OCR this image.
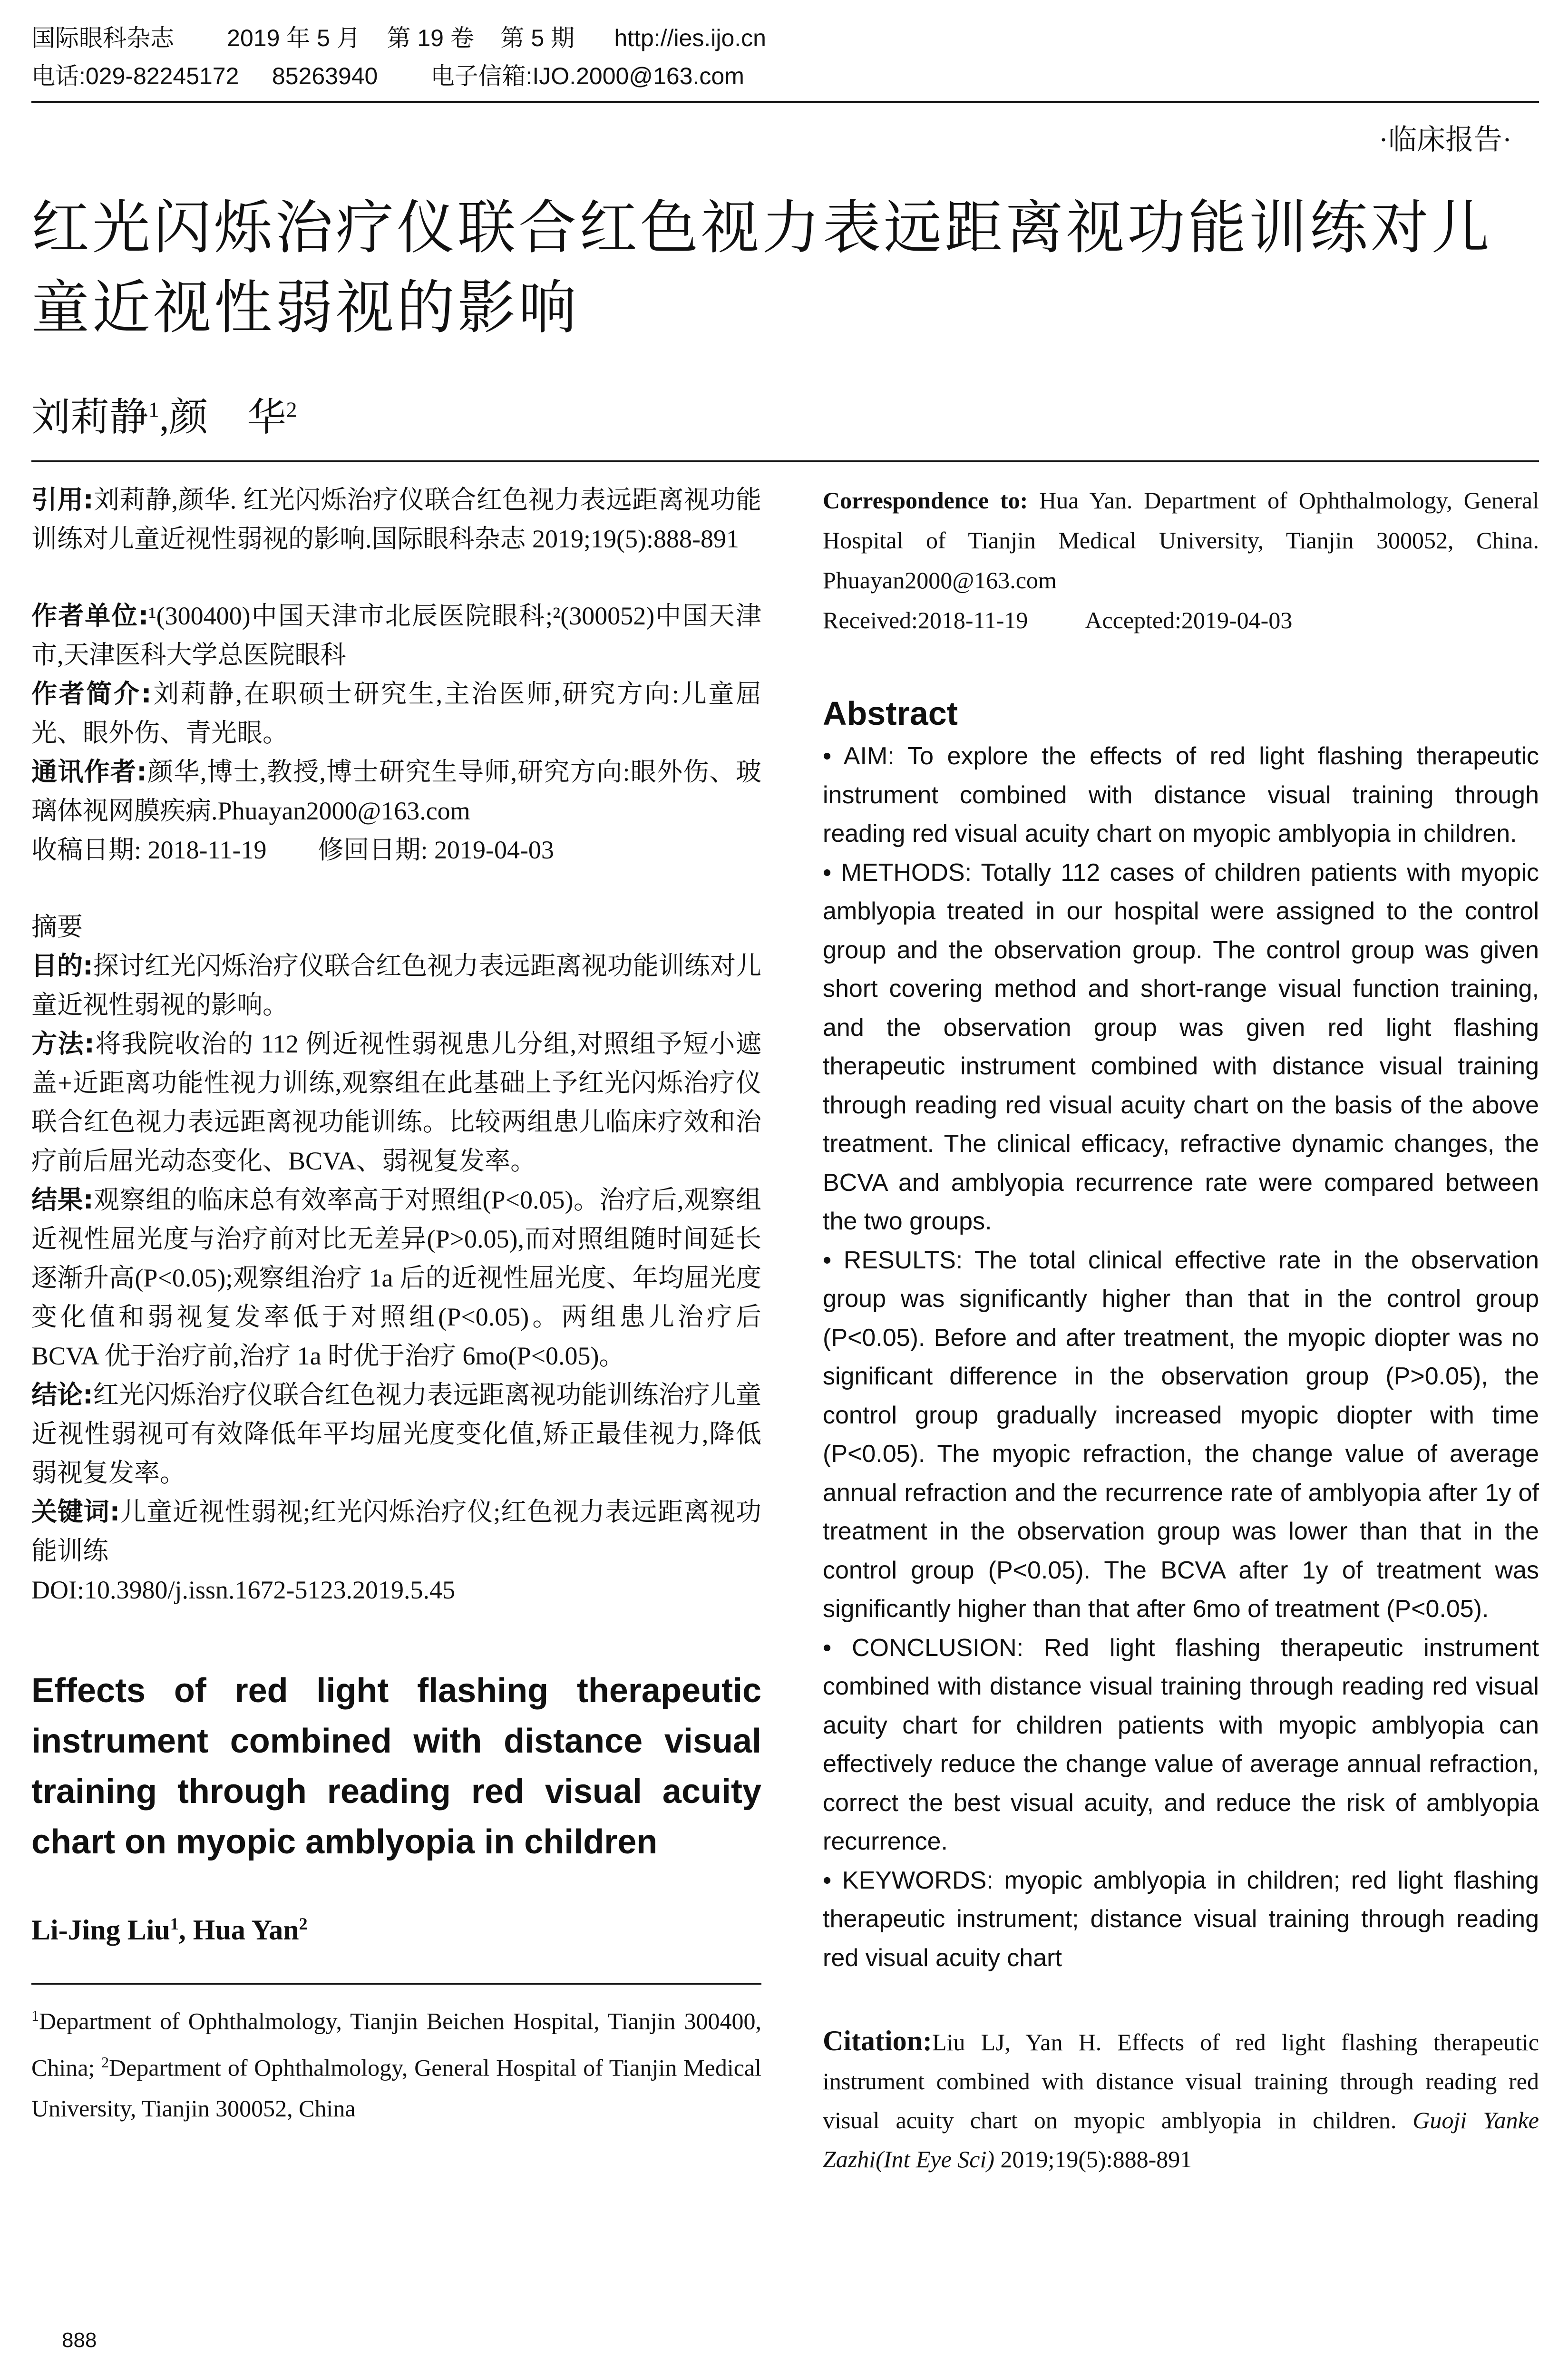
国际眼科杂志 2019 年 5 月 第 19 卷 第 5 期 http://ies.ijo.cn
电话:029-82245172 85263940 电子信箱:IJO.2000@163.com
·临床报告·
红光闪烁治疗仪联合红色视力表远距离视功能训练对儿童近视性弱视的影响
刘莉静$^1$,颜　华$^2$
引用:刘莉静,颜华. 红光闪烁治疗仪联合红色视力表远距离视功能训练对儿童近视性弱视的影响.国际眼科杂志 2019;19(5):888-891
作者单位:¹(300400)中国天津市北辰医院眼科;²(300052)中国天津市,天津医科大学总医院眼科
作者简介:刘莉静,在职硕士研究生,主治医师,研究方向:儿童屈光、眼外伤、青光眼。
通讯作者:颜华,博士,教授,博士研究生导师,研究方向:眼外伤、玻璃体视网膜疾病.Phuayan2000@163.com
收稿日期: 2018-11-19　　修回日期: 2019-04-03
摘要
目的:探讨红光闪烁治疗仪联合红色视力表远距离视功能训练对儿童近视性弱视的影响。
方法:将我院收治的 112 例近视性弱视患儿分组,对照组予短小遮盖+近距离功能性视力训练,观察组在此基础上予红光闪烁治疗仪联合红色视力表远距离视功能训练。比较两组患儿临床疗效和治疗前后屈光动态变化、BCVA、弱视复发率。
结果:观察组的临床总有效率高于对照组(P<0.05)。治疗后,观察组近视性屈光度与治疗前对比无差异(P>0.05),而对照组随时间延长逐渐升高(P<0.05);观察组治疗 1a 后的近视性屈光度、年均屈光度变化值和弱视复发率低于对照组(P<0.05)。两组患儿治疗后 BCVA 优于治疗前,治疗 1a 时优于治疗 6mo(P<0.05)。
结论:红光闪烁治疗仪联合红色视力表远距离视功能训练治疗儿童近视性弱视可有效降低年平均屈光度变化值,矫正最佳视力,降低弱视复发率。
关键词:儿童近视性弱视;红光闪烁治疗仪;红色视力表远距离视功能训练
DOI:10.3980/j.issn.1672-5123.2019.5.45
Effects of red light flashing therapeutic instrument combined with distance visual training through reading red visual acuity chart on myopic amblyopia in children
Li-Jing Liu$^1$, Hua Yan$^2$
$^1$Department of Ophthalmology, Tianjin Beichen Hospital, Tianjin 300400, China; $^2$Department of Ophthalmology, General Hospital of Tianjin Medical University, Tianjin 300052, China
Correspondence to: Hua Yan. Department of Ophthalmology, General Hospital of Tianjin Medical University, Tianjin 300052, China. Phuayan2000@163.com
Received:2018-11-19 Accepted:2019-04-03
Abstract
• AIM: To explore the effects of red light flashing therapeutic instrument combined with distance visual training through reading red visual acuity chart on myopic amblyopia in children.
• METHODS: Totally 112 cases of children patients with myopic amblyopia treated in our hospital were assigned to the control group and the observation group. The control group was given short covering method and short-range visual function training, and the observation group was given red light flashing therapeutic instrument combined with distance visual training through reading red visual acuity chart on the basis of the above treatment. The clinical efficacy, refractive dynamic changes, the BCVA and amblyopia recurrence rate were compared between the two groups.
• RESULTS: The total clinical effective rate in the observation group was significantly higher than that in the control group (P<0.05). Before and after treatment, the myopic diopter was no significant difference in the observation group (P>0.05), the control group gradually increased myopic diopter with time (P<0.05). The myopic refraction, the change value of average annual refraction and the recurrence rate of amblyopia after 1y of treatment in the observation group was lower than that in the control group (P<0.05). The BCVA after 1y of treatment was significantly higher than that after 6mo of treatment (P<0.05).
• CONCLUSION: Red light flashing therapeutic instrument combined with distance visual training through reading red visual acuity chart for children patients with myopic amblyopia can effectively reduce the change value of average annual refraction, correct the best visual acuity, and reduce the risk of amblyopia recurrence.
• KEYWORDS: myopic amblyopia in children; red light flashing therapeutic instrument; distance visual training through reading red visual acuity chart
Citation:Liu LJ, Yan H. Effects of red light flashing therapeutic instrument combined with distance visual training through reading red visual acuity chart on myopic amblyopia in children. Guoji Yanke Zazhi(Int Eye Sci) 2019;19(5):888-891
888
